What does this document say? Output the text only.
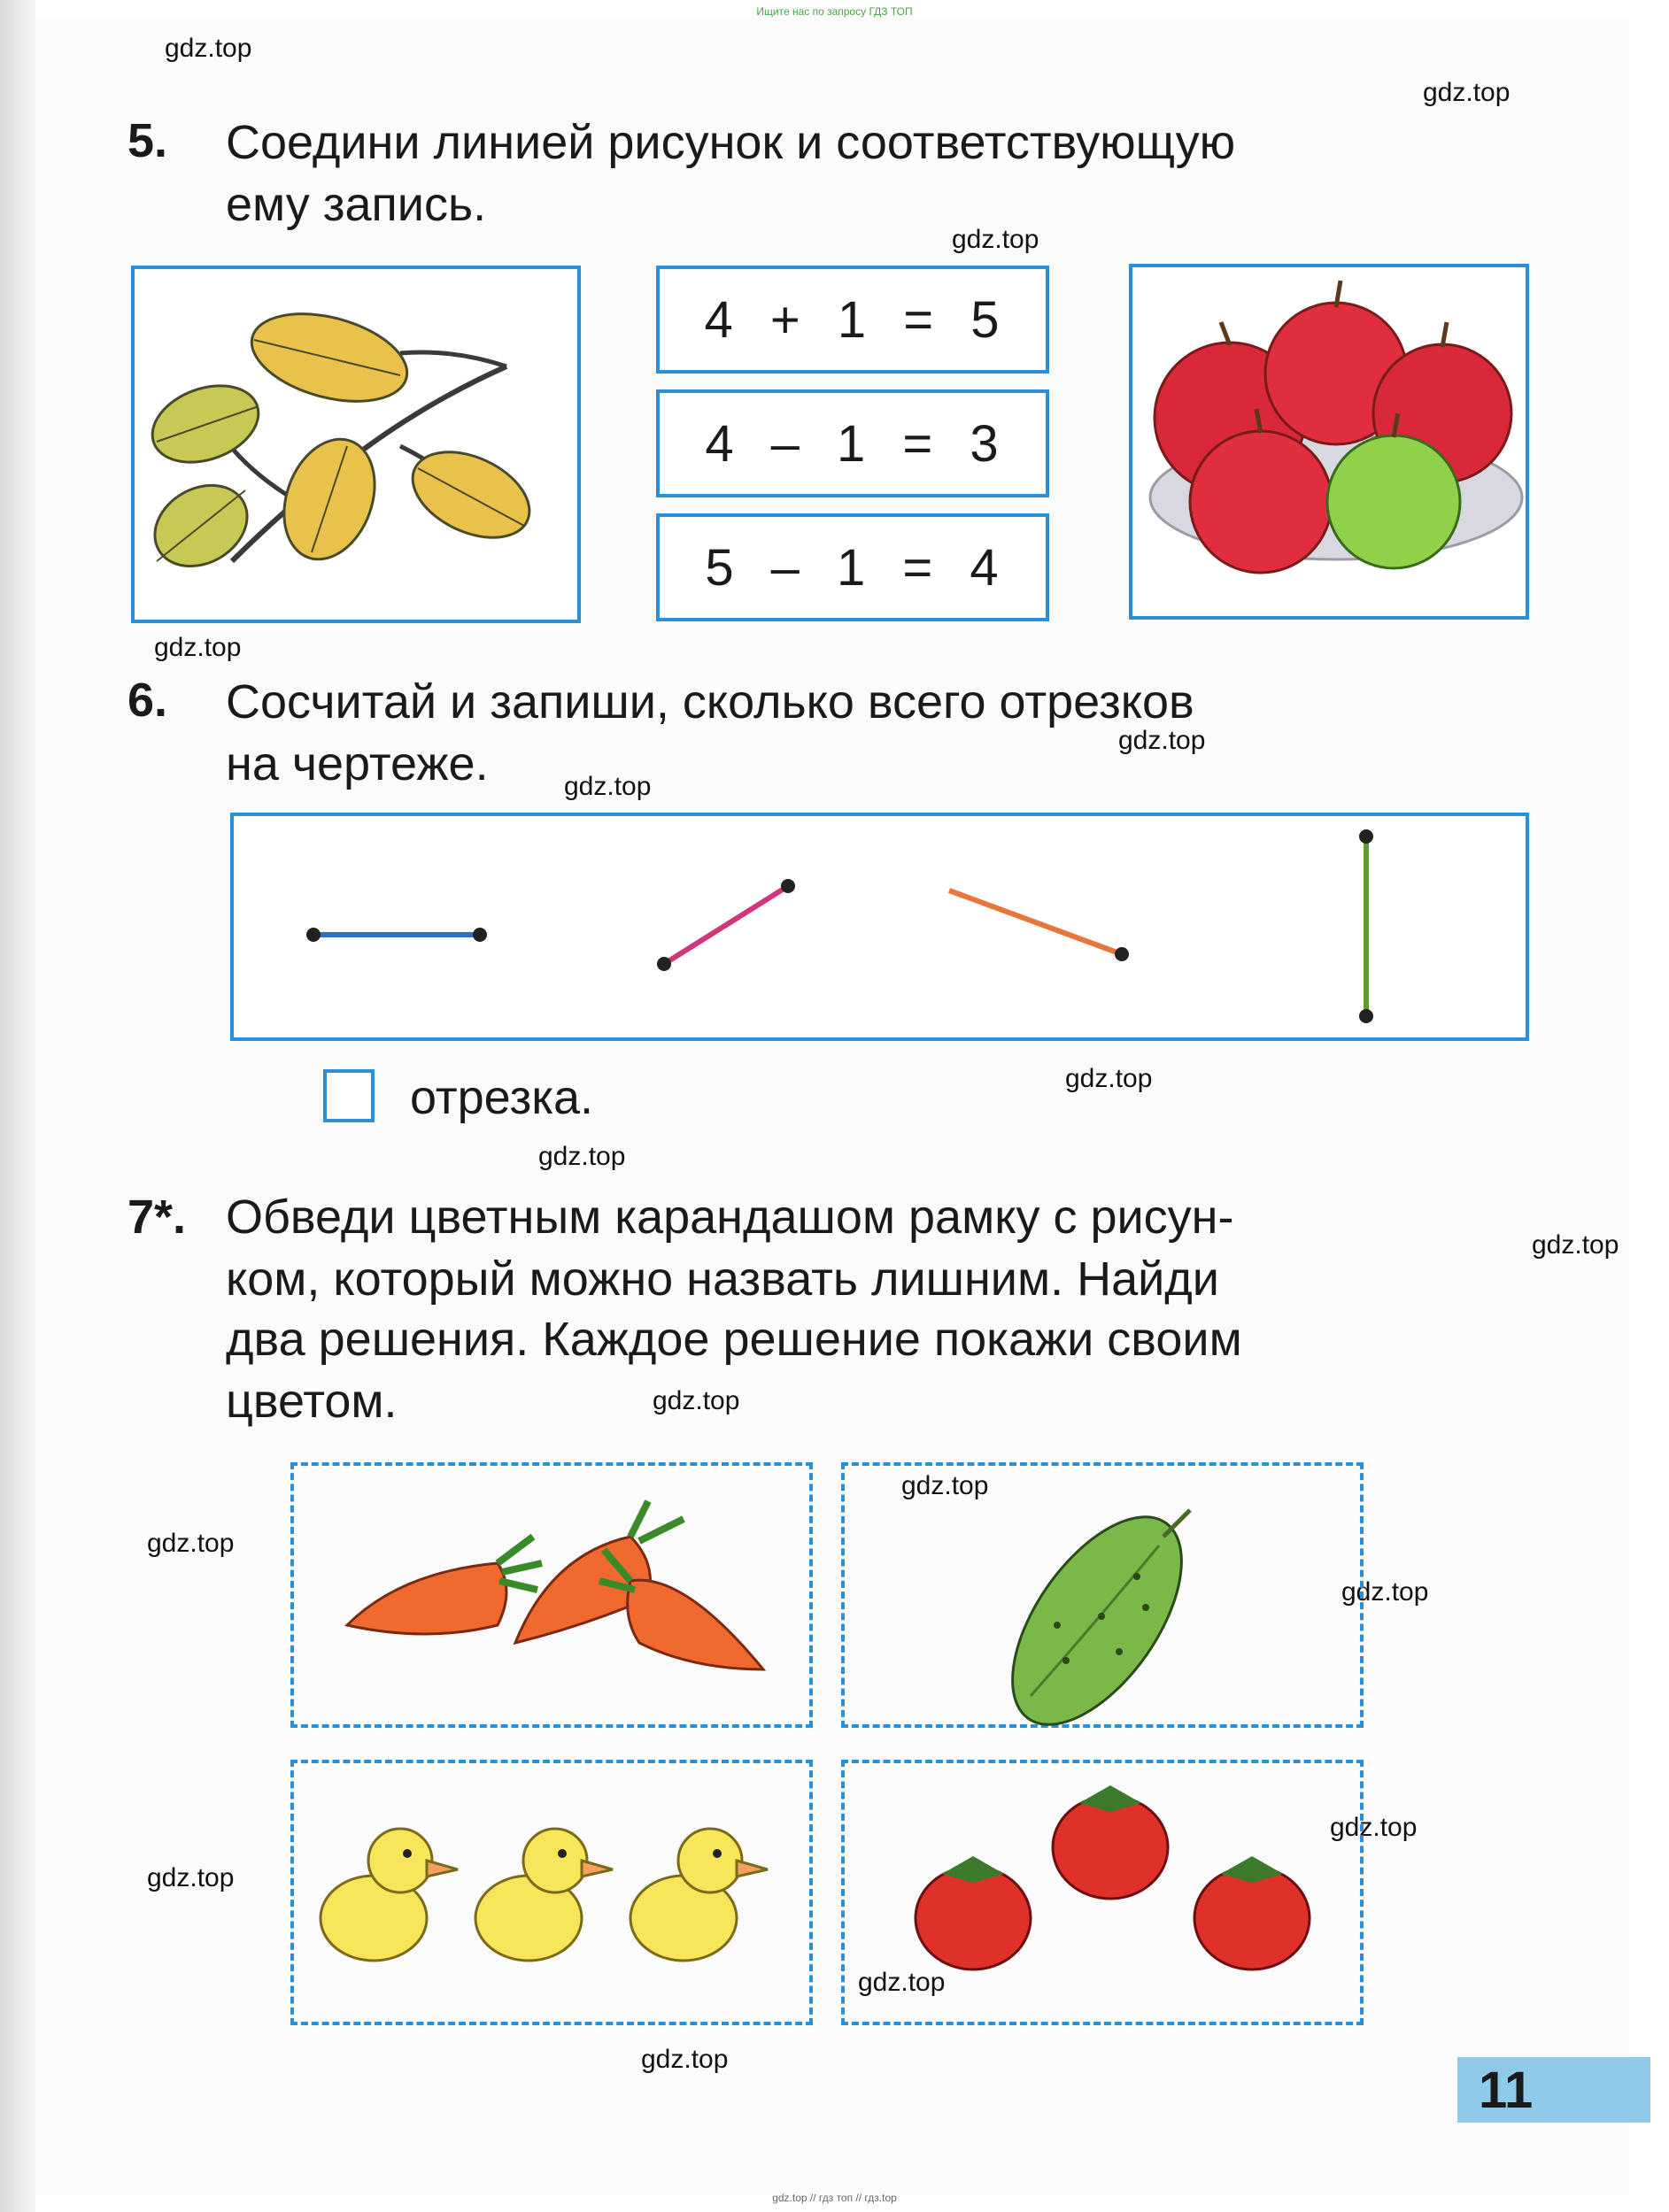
Ищите нас по запросу ГДЗ ТОП
gdz.top
gdz.top
gdz.top
gdz.top
gdz.top
gdz.top
gdz.top
gdz.top
gdz.top
gdz.top
gdz.top
gdz.top
gdz.top
gdz.top
gdz.top
gdz.top
gdz.top
5. Соедини линией рисунок и соответствующую
ему запись.
4 + 1 = 5
4 – 1 = 3
5 – 1 = 4
6. Сосчитай и запиши, сколько всего отрезков
на чертеже.
отрезка.
7*. Обведи цветным карандашом рамку с рисун-
ком, который можно назвать лишним. Найди
два решения. Каждое решение покажи своим
цветом.
11
gdz.top // гдз топ // гдз.top
